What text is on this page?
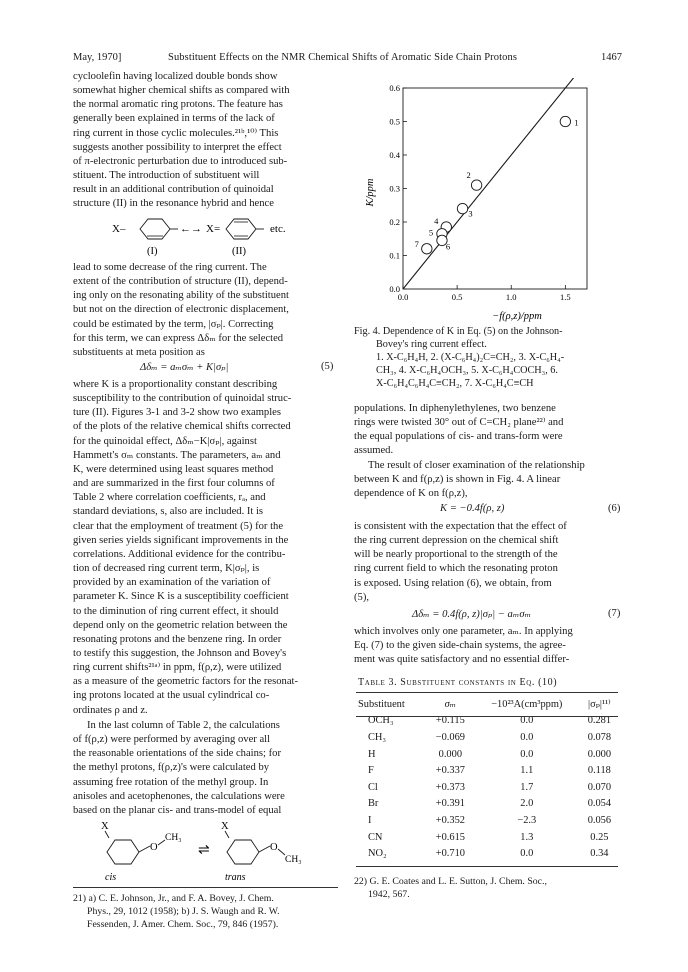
May, 1970]	Substituent Effects on the NMR Chemical Shifts of Aromatic Side Chain Protons	1467

cycloolefin having localized double bonds show

somewhat higher chemical shifts as compared with

the normal aromatic ring protons. The feature has

generally been explained in terms of the lack of

ring current in those cyclic molecules.²¹ᵇ,¹⁰⁾ This

suggests another possibility to interpret the effect

of π-electronic perturbation due to introduced sub-

stituent. The introduction of substituent will

result in an additional contribution of quinoidal

structure (II) in the resonance hybrid and hence

X–	←→ X=	etc.
(I)	(II)

lead to some decrease of the ring current. The

extent of the contribution of structure (II), depend-

ing only on the resonating ability of the substituent

but not on the direction of electronic displacement,

could be estimated by the term, |σₚ|. Correcting

for this term, we can express Δδₘ for the selected

substituents at meta position as

Δδₘ = aₘσₘ + K|σₚ|	(5)

where K is a proportionality constant describing

susceptibility to the contribution of quinoidal struc-

ture (II). Figures 3-1 and 3-2 show two examples

of the plots of the relative chemical shifts corrected

for the quinoidal effect, Δδₘ−K|σₚ|, against

Hammett's σₘ constants. The parameters, aₘ and

K, were determined using least squares method

and are summarized in the first four columns of

Table 2 where correlation coefficients, rₐ, and

standard deviations, s, also are included. It is

clear that the employment of treatment (5) for the

given series yields significant improvements in the

correlations. Additional evidence for the contribu-

tion of decreased ring current term, K|σₚ|, is

provided by an examination of the variation of

parameter K. Since K is a susceptibility coefficient

to the diminution of ring current effect, it should

depend only on the geometric relation between the

resonating protons and the benzene ring. In order

to testify this suggestion, the Johnson and Bovey's

ring current shifts²¹ᵃ⁾ in ppm, f(ρ,z), were utilized

as a measure of the geometric factors for the resonat-

ing protons located at the usual cylindrical co-

ordinates ρ and z.

In the last column of Table 2, the calculations

of f(ρ,z) were performed by averaging over all

the reasonable orientations of the side chains; for

the methyl protons, f(ρ,z)'s were calculated by

assuming free rotation of the methyl group. In

anisoles and acetophenones, the calculations were

based on the planar cis- and trans-model of equal

X
O
CH₃
⇌
X
O
CH₃
cis	trans
21) a) C. E. Johnson, Jr., and F. A. Bovey, J. Chem.
Phys., 29, 1012 (1958); b) J. S. Waugh and R. W.
Fessenden, J. Amer. Chem. Soc., 79, 846 (1957).
0.0	0.5	1.0	1.5
0.0
0.1
0.2
0.3
0.4
0.5
0.6
1
2
3
4
5
6
7
K/ppm
−f(ρ,z)/ppm
Fig. 4. Dependence of K in Eq. (5) on the Johnson-
Bovey's ring current effect.
1. X-C₆H₄H, 2. (X-C₆H₄)₂C=CH₂, 3. X-C₆H₄-
CH₃, 4. X-C₆H₄OCH₃, 5. X-C₆H₄COCH₃, 6.
X-C₆H₄C₆H₄C≡CH₂, 7. X-C₆H₄C≡CH

populations. In diphenylethylenes, two benzene

rings were twisted 30° out of C=CH₂ plane²²⁾ and

the equal populations of cis- and trans-form were

assumed.

The result of closer examination of the relationship

between K and f(ρ,z) is shown in Fig. 4. A linear

dependence of K on f(ρ,z),

K = −0.4f(ρ, z)	(6)

is consistent with the expectation that the effect of

the ring current depression on the chemical shift

will be nearly proportional to the strength of the

ring current field to which the resonating proton

is exposed. Using relation (6), we obtain, from

(5),

Δδₘ = 0.4f(ρ, z)|σₚ| − aₘσₘ	(7)

which involves only one parameter, aₘ. In applying

Eq. (7) to the given side-chain systems, the agree-

ment was quite satisfactory and no essential differ-

Table 3. Substituent constants in Eq. (10)
Substituent	σₘ	−10²³A(cm³ppm)	|σₚ|¹¹⁾
OCH₃	+0.115	0.0	0.281
CH₃	−0.069	0.0	0.078
H	0.000	0.0	0.000
F	+0.337	1.1	0.118
Cl	+0.373	1.7	0.070
Br	+0.391	2.0	0.054
I	+0.352	−2.3	0.056
CN	+0.615	1.3	0.25
NO₂	+0.710	0.0	0.34
22) G. E. Coates and L. E. Sutton, J. Chem. Soc.,
1942, 567.
